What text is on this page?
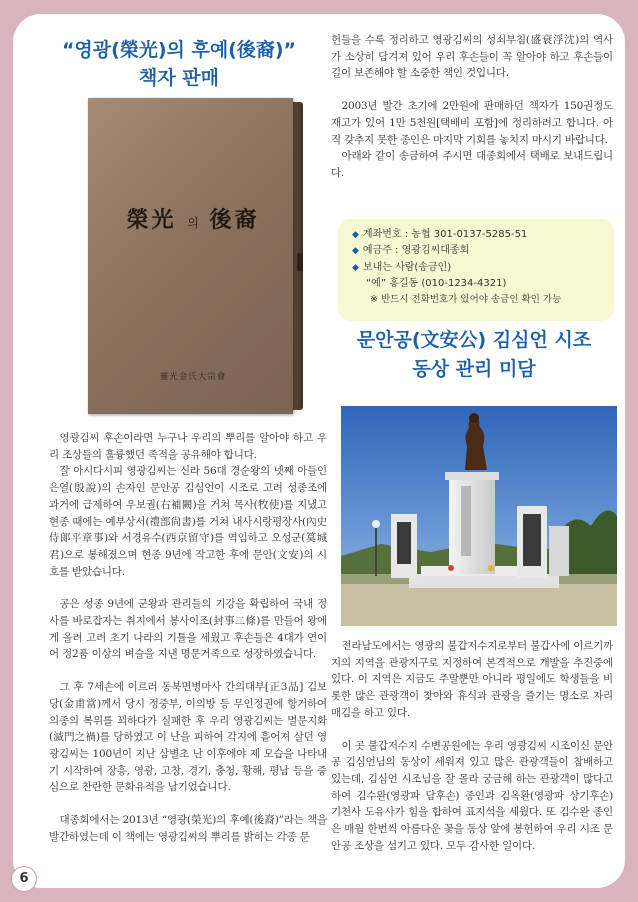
“영광(榮光)의 후예(後裔)”
책자 판매
榮光 의 後裔
靈光金氏大宗會

영광김씨 후손이라면 누구나 우리의 뿌리를 알아야 하고 우리 조상들의 훌륭했던 족적을 공유해야 합니다.

잘 아시다시피 영광김씨는 신라 56대 경순왕의 넷째 아들인 은열(殷說)의 손자인 문안공 김심언이 시조로 고려 성종조에 과거에 급제하여 우보궐(右補闕)을 거쳐 목사(牧使)를 지냈고 현종 때에는 예부상서(禮部尙書)를 거쳐 내사시랑평장사(內史侍郞平章事)와 서경유수(西京留守)를 역임하고 오성군(筽城君)으로 봉해졌으며 현종 9년에 작고한 후에 문안(文安)의 시호를 받았습니다.

공은 성종 9년에 군왕과 관리들의 기강을 확립하여 국내 정사를 바로잡자는 취지에서 봉사이조(封事二條)를 만들어 왕에게 올려 고려 초기 나라의 기틀을 세웠고 후손들은 4대가 연이어 정2품 이상의 벼슬을 지낸 명문거족으로 성장하였습니다.

그 후 7세손에 이르러 동북면병마사 간의대부[正3品] 김보당(金甫當)께서 당시 정중부, 이의방 등 무인정권에 항거하여 의종의 복위를 꾀하다가 실패한 후 우리 영광김씨는 멸문지화(滅門之禍)를 당하였고 이 난을 피하여 각지에 흩어져 살던 영광김씨는 100년이 지난 삼별초 난 이후에야 제 모습을 나타내기 시작하여 장흥, 영광, 고창, 경기, 충청, 황해, 평남 등을 중심으로 찬란한 문화유적을 남기었습니다.

대종회에서는 2013년 “영광(榮光)의 후예(後裔)”라는 책을 발간하였는데 이 책에는 영광김씨의 뿌리를 밝히는 각종 문

헌들을 수록 정리하고 영광김씨의 성쇠부침(盛衰浮沈)의 역사가 소상히 담겨져 있어 우리 후손들이 꼭 알아야 하고 후손들이 길이 보존해야 할 소중한 책인 것입니다.

2003년 발간 초기에 2만원에 판매하던 책자가 150권정도 재고가 있어 1만 5천원[택배비 포함]에 정리하려고 합니다. 아직 갖추지 못한 종인은 마지막 기회를 놓치지 마시기 바랍니다.

아래와 같이 송금하여 주시면 대종회에서 택배로 보내드립니다.

◆ 계좌번호 : 농협 301-0137-5285-51
◆ 예금주 : 영광김씨대종회
◆ 보내는 사람(송금인)
“예” 홍길동 (010-1234-4321)
※ 반드시 전화번호가 있어야 송금인 확인 가능
문안공(文安公) 김심언 시조
동상 관리 미담

전라남도에서는 영광의 불갑저수지로부터 불갑사에 이르기까지의 지역을 관광지구로 지정하여 본격적으로 개발을 추진중에 있다. 이 지역은 지금도 주말뿐만 아니라 평일에도 학생들을 비롯한 많은 관광객이 찾아와 휴식과 관광을 즐기는 명소로 자리매김을 하고 있다.

이 곳 불갑저수지 수변공원에는 우리 영광김씨 시조이신 문안공 김심언님의 동상이 세워져 있고 많은 관광객들이 참배하고 있는데, 김심언 시조님을 잘 몰라 궁금해 하는 관광객이 많다고 하여 김수완(영광파 담후손) 종인과 김옥환(영광파 상기후손) 기천사 도유사가 힘을 합하여 표지석을 세웠다. 또 김수완 종인은 매월 한번씩 아름다운 꽃을 동상 앞에 봉헌하여 우리 시조 문안공 조상을 섬기고 있다. 모두 감사한 일이다.

6
